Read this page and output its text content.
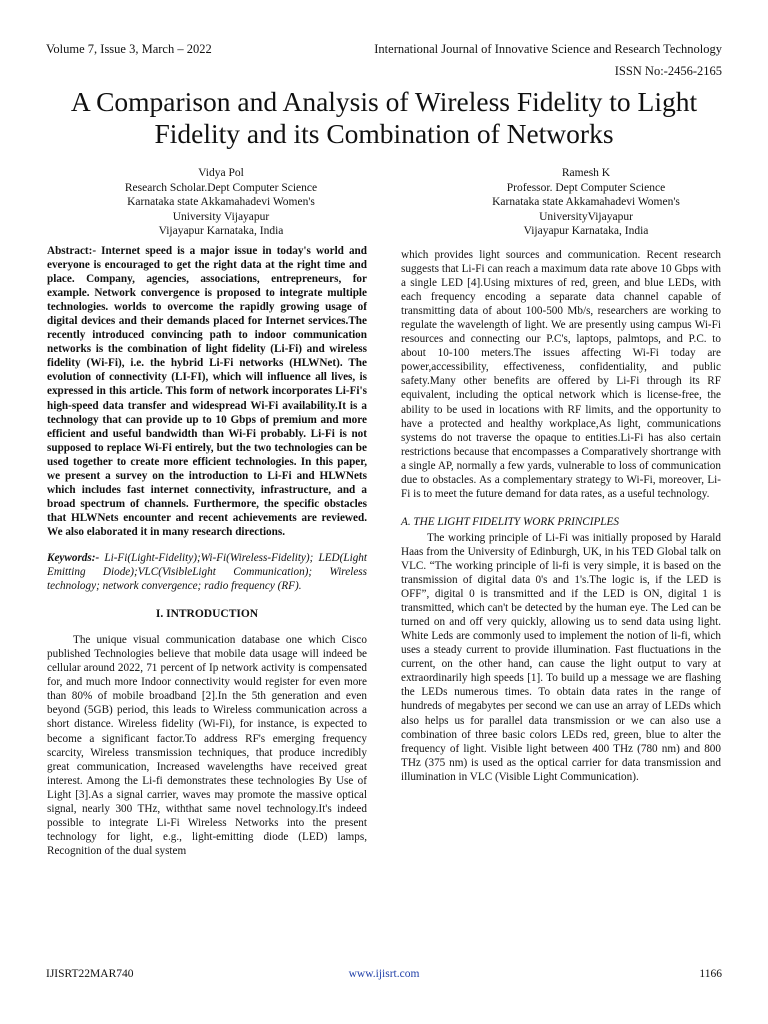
Volume 7, Issue 3, March – 2022	International Journal of Innovative Science and Research Technology
ISSN No:-2456-2165
A Comparison and Analysis of Wireless Fidelity to Light Fidelity and its Combination of Networks
Vidya Pol
Research Scholar.Dept Computer Science
Karnataka state Akkamahadevi Women's
University Vijayapur
Vijayapur Karnataka, India
Ramesh K
Professor. Dept Computer Science
Karnataka state Akkamahadevi Women's
UniversityVijayapur
Vijayapur Karnataka, India

Abstract:- Internet speed is a major issue in today's world and everyone is encouraged to get the right data at the right time and place. Company, agencies, associations, entrepreneurs, for example. Network convergence is proposed to integrate multiple technologies. worlds to overcome the rapidly growing usage of digital devices and their demands placed for Internet services.The recently introduced convincing path to indoor communication networks is the combination of light fidelity (Li-Fi) and wireless fidelity (Wi-Fi), i.e. the hybrid Li-Fi networks (HLWNet). The evolution of connectivity (LI-FI), which will influence all lives, is expressed in this article. This form of network incorporates Li-Fi's high-speed data transfer and widespread Wi-Fi availability.It is a technology that can provide up to 10 Gbps of premium and more efficient and useful bandwidth than Wi-Fi probably. Li-Fi is not supposed to replace Wi-Fi entirely, but the two technologies can be used together to create more efficient technologies. In this paper, we present a survey on the introduction to Li-Fi and HLWNets which includes fast internet connectivity, infrastructure, and a broad spectrum of channels. Furthermore, the specific obstacles that HLWNets encounter and recent achievements are reviewed. We also elaborated it in many research directions.

Keywords:- Li-Fi(Light-Fidelity);Wi-Fi(Wireless-Fidelity); LED(Light Emitting Diode);VLC(VisibleLight Communication); Wireless technology; network convergence; radio frequency (RF).

I. INTRODUCTION

The unique visual communication database one which Cisco published Technologies believe that mobile data usage will indeed be cellular around 2022, 71 percent of Ip network activity is compensated for, and much more Indoor connectivity would register for even more than 80% of mobile broadband [2].In the 5th generation and even beyond (5GB) period, this leads to Wireless communication across a short distance. Wireless fidelity (Wi-Fi), for instance, is expected to become a significant factor.To address RF's emerging frequency scarcity, Wireless transmission techniques, that produce incredibly great communication, Increased wavelengths have received great interest. Among the Li-fi demonstrates these technologies By Use of Light [3].As a signal carrier, waves may promote the massive optical signal, nearly 300 THz, withthat same novel technology.It's indeed possible to integrate Li-Fi Wireless Networks into the present technology for light, e.g., light-emitting diode (LED) lamps, Recognition of the dual system

which provides light sources and communication. Recent research suggests that Li-Fi can reach a maximum data rate above 10 Gbps with a single LED [4].Using mixtures of red, green, and blue LEDs, with each frequency encoding a separate data channel capable of transmitting data of about 100-500 Mb/s, researchers are working to regulate the wavelength of light. We are presently using campus Wi-Fi resources and connecting our P.C's, laptops, palmtops, and P.C. to about 10-100 meters.The issues affecting Wi-Fi today are power,accessibility, effectiveness, confidentiality, and public safety.Many other benefits are offered by Li-Fi through its RF equivalent, including the optical network which is license-free, the ability to be used in locations with RF limits, and the opportunity to have a protected and healthy workplace,As light, communications systems do not traverse the opaque to entities.Li-Fi has also certain restrictions because that encompasses a Comparatively shortrange with a single AP, normally a few yards, vulnerable to loss of communication due to obstacles. As a complementary strategy to Wi-Fi, moreover, Li-Fi is to meet the future demand for data rates, as a useful technology.

A. THE LIGHT FIDELITY WORK PRINCIPLES

The working principle of Li-Fi was initially proposed by Harald Haas from the University of Edinburgh, UK, in his TED Global talk on VLC. “The working principle of li-fi is very simple, it is based on the transmission of digital data 0's and 1's.The logic is, if the LED is OFF”, digital 0 is transmitted and if the LED is ON, digital 1 is transmitted, which can't be detected by the human eye. The Led can be turned on and off very quickly, allowing us to send data using light. White Leds are commonly used to implement the notion of li-fi, which uses a steady current to provide illumination. Fast fluctuations in the current, on the other hand, can cause the light output to vary at extraordinarily high speeds [1]. To build up a message we are flashing the LEDs numerous times. To obtain data rates in the range of hundreds of megabytes per second we can use an array of LEDs which also helps us for parallel data transmission or we can also use a combination of three basic colors LEDs red, green, blue to alter the frequency of light. Visible light between 400 THz (780 nm) and 800 THz (375 nm) is used as the optical carrier for data transmission and illumination in VLC (Visible Light Communication).

IJISRT22MAR740	www.ijisrt.com	1166
